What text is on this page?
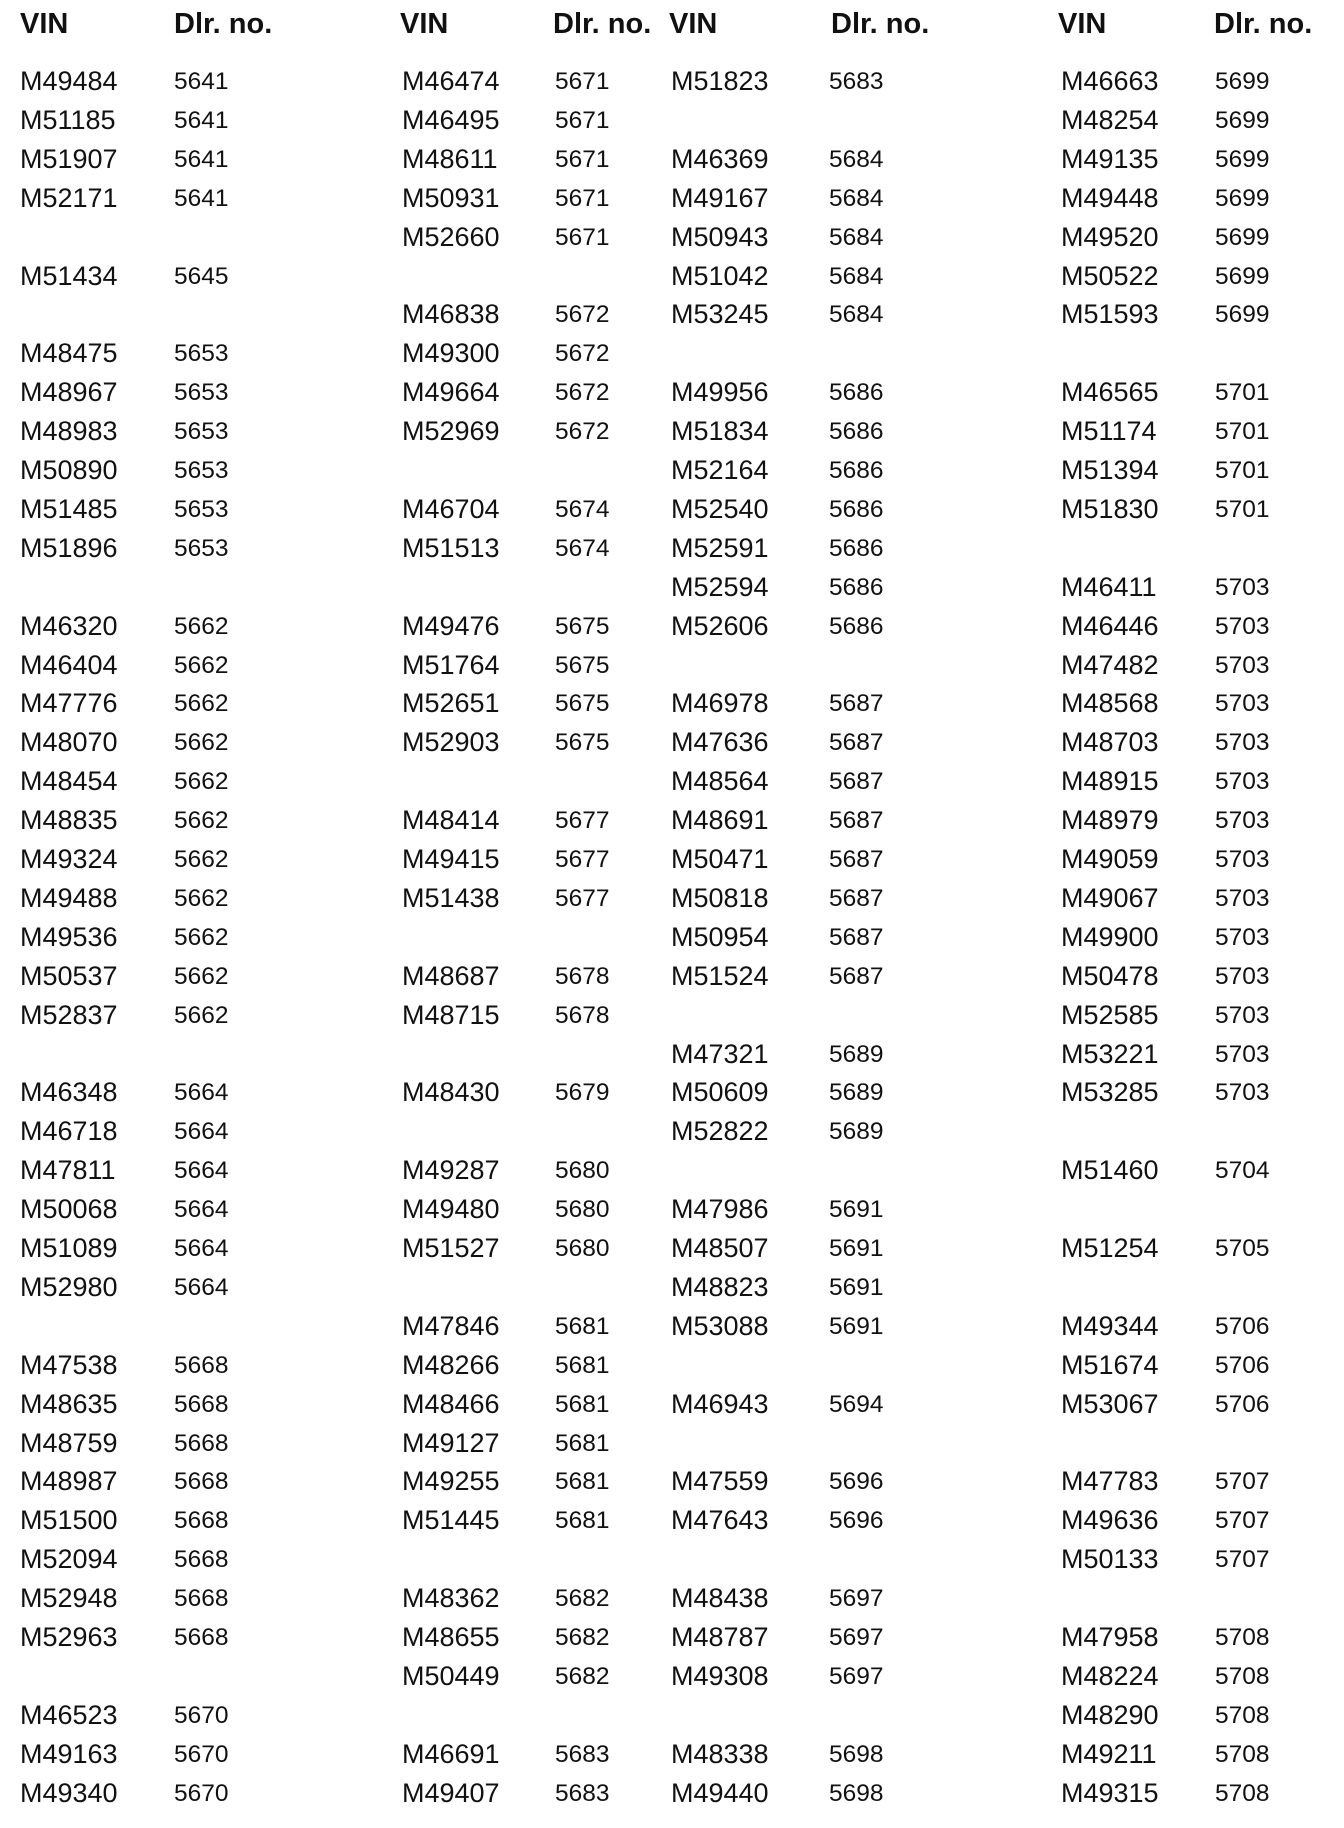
VIN	Dlr. no.
M49484 5641
M51185 5641
M51907 5641
M52171 5641
M51434 5645
M48475 5653
M48967 5653
M48983 5653
M50890 5653
M51485 5653
M51896 5653
M46320 5662
M46404 5662
M47776 5662
M48070 5662
M48454 5662
M48835 5662
M49324 5662
M49488 5662
M49536 5662
M50537 5662
M52837 5662
M46348 5664
M46718 5664
M47811 5664
M50068 5664
M51089 5664
M52980 5664
M47538 5668
M48635 5668
M48759 5668
M48987 5668
M51500 5668
M52094 5668
M52948 5668
M52963 5668
M46523 5670
M49163 5670
M49340 5670
VIN	Dlr. no.
M46474 5671
M46495 5671
M48611 5671
M50931 5671
M52660 5671
M46838 5672
M49300 5672
M49664 5672
M52969 5672
M46704 5674
M51513 5674
M49476 5675
M51764 5675
M52651 5675
M52903 5675
M48414 5677
M49415 5677
M51438 5677
M48687 5678
M48715 5678
M48430 5679
M49287 5680
M49480 5680
M51527 5680
M47846 5681
M48266 5681
M48466 5681
M49127 5681
M49255 5681
M51445 5681
M48362 5682
M48655 5682
M50449 5682
M46691 5683
M49407 5683
VIN	Dlr. no.
M51823 5683
M46369 5684
M49167 5684
M50943 5684
M51042 5684
M53245 5684
M49956 5686
M51834 5686
M52164 5686
M52540 5686
M52591 5686
M52594 5686
M52606 5686
M46978 5687
M47636 5687
M48564 5687
M48691 5687
M50471 5687
M50818 5687
M50954 5687
M51524 5687
M47321 5689
M50609 5689
M52822 5689
M47986 5691
M48507 5691
M48823 5691
M53088 5691
M46943 5694
M47559 5696
M47643 5696
M48438 5697
M48787 5697
M49308 5697
M48338 5698
M49440 5698
VIN	Dlr. no.
M46663 5699
M48254 5699
M49135 5699
M49448 5699
M49520 5699
M50522 5699
M51593 5699
M46565 5701
M51174 5701
M51394 5701
M51830 5701
M46411 5703
M46446 5703
M47482 5703
M48568 5703
M48703 5703
M48915 5703
M48979 5703
M49059 5703
M49067 5703
M49900 5703
M50478 5703
M52585 5703
M53221 5703
M53285 5703
M51460 5704
M51254 5705
M49344 5706
M51674 5706
M53067 5706
M47783 5707
M49636 5707
M50133 5707
M47958 5708
M48224 5708
M48290 5708
M49211 5708
M49315 5708
